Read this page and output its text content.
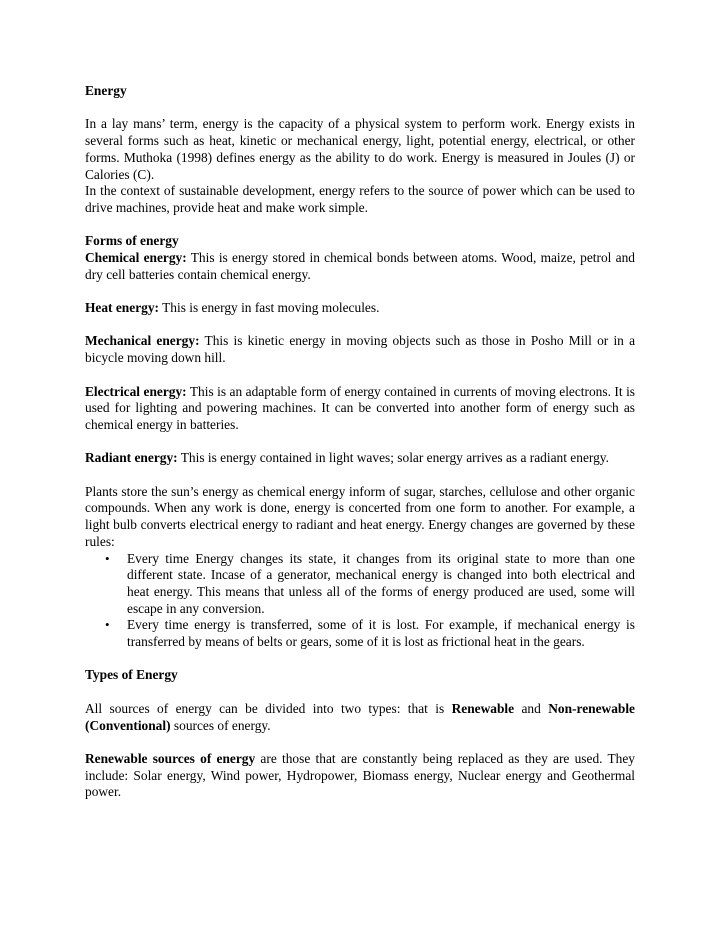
Energy

In a lay mans’ term, energy is the capacity of a physical system to perform work. Energy exists in several forms such as heat, kinetic or mechanical energy, light, potential energy, electrical, or other forms. Muthoka (1998) defines energy as the ability to do work. Energy is measured in Joules (J) or Calories (C).

In the context of sustainable development, energy refers to the source of power which can be used to drive machines, provide heat and make work simple.

Forms of energy

Chemical energy: This is energy stored in chemical bonds between atoms. Wood, maize, petrol and dry cell batteries contain chemical energy.

Heat energy: This is energy in fast moving molecules.

Mechanical energy: This is kinetic energy in moving objects such as those in Posho Mill or in a bicycle moving down hill.

Electrical energy: This is an adaptable form of energy contained in currents of moving electrons. It is used for lighting and powering machines. It can be converted into another form of energy such as chemical energy in batteries.

Radiant energy: This is energy contained in light waves; solar energy arrives as a radiant energy.

Plants store the sun’s energy as chemical energy inform of sugar, starches, cellulose and other organic compounds. When any work is done, energy is concerted from one form to another. For example, a light bulb converts electrical energy to radiant and heat energy. Energy changes are governed by these rules:

• Every time Energy changes its state, it changes from its original state to more than one different state. Incase of a generator, mechanical energy is changed into both electrical and heat energy. This means that unless all of the forms of energy produced are used, some will escape in any conversion.
• Every time energy is transferred, some of it is lost. For example, if mechanical energy is transferred by means of belts or gears, some of it is lost as frictional heat in the gears.

Types of Energy

All sources of energy can be divided into two types: that is Renewable and Non-renewable (Conventional) sources of energy.

Renewable sources of energy are those that are constantly being replaced as they are used. They include: Solar energy, Wind power, Hydropower, Biomass energy, Nuclear energy and Geothermal power.
